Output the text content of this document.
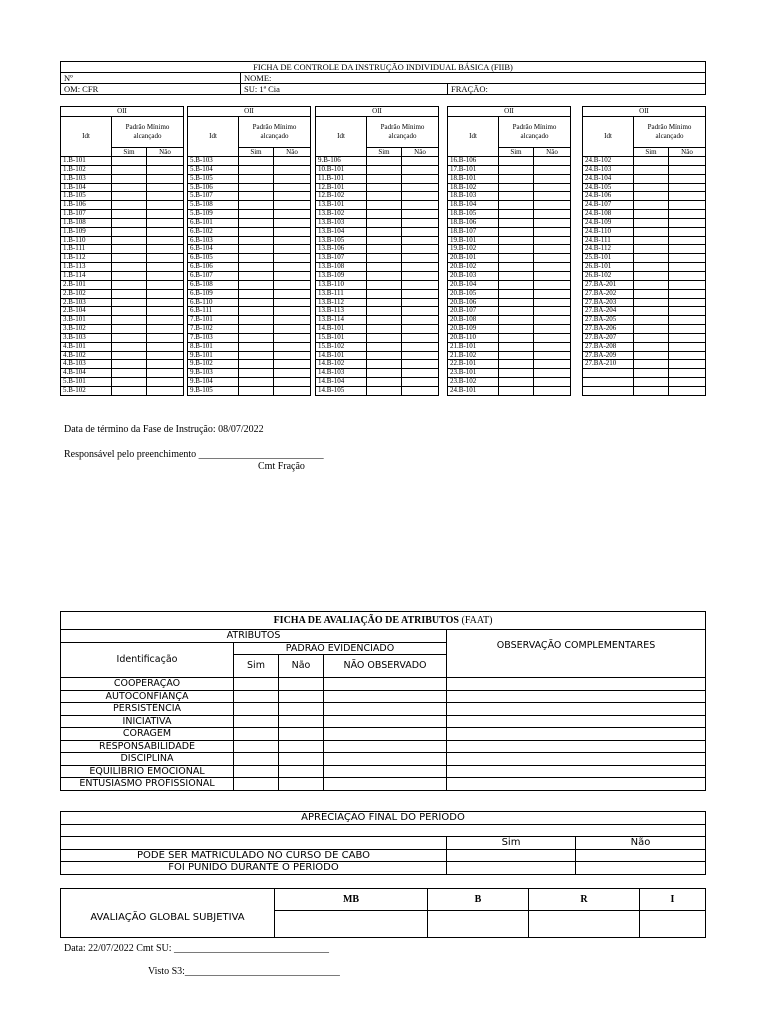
FICHA DE CONTROLE DA INSTRUÇÃO INDIVIDUAL BÁSICA (FIIB)		
Nº	NOME:	
OM: CFR	SU: 1ª Cia	FRAÇÃO:
OII		
Idt	Padrão Mínimo alcançado	
	Sim	Não
1.B-101		
1.B-102		
1.B-103		
1.B-104		
1.B-105		
1.B-106		
1.B-107		
1.B-108		
1.B-109		
1.B-110		
1.B-111		
1.B-112		
1.B-113		
1.B-114		
2.B-101		
2.B-102		
2.B-103		
2.B-104		
3.B-101		
3.B-102		
3.B-103		
4.B-101		
4.B-102		
4.B-103		
4.B-104		
5.B-101		
5.B-102		
OII		
Idt	Padrão Mínimo alcançado	
	Sim	Não
5.B-103		
5.B-104		
5.B-105		
5.B-106		
5.B-107		
5.B-108		
5.B-109		
6.B-101		
6.B-102		
6.B-103		
6.B-104		
6.B-105		
6.B-106		
6.B-107		
6.B-108		
6.B-109		
6.B-110		
6.B-111		
7.B-101		
7.B-102		
7.B-103		
8.B-101		
9.B-101		
9.B-102		
9.B-103		
9.B-104		
9.B-105		
OII		
Idt	Padrão Mínimo alcançado	
	Sim	Não
9.B-106		
10.B-101		
11.B-101		
12.B-101		
12.B-102		
13.B-101		
13.B-102		
13.B-103		
13.B-104		
13.B-105		
13.B-106		
13.B-107		
13.B-108		
13.B-109		
13.B-110		
13.B-111		
13.B-112		
13.B-113		
13.B-114		
14.B-101		
15.B-101		
15.B-102		
14.B-101		
14.B-102		
14.B-103		
14.B-104		
14.B-105		
OII		
Idt	Padrão Mínimo alcançado	
	Sim	Não
16.B-106		
17.B-101		
18.B-101		
18.B-102		
18.B-103		
18.B-104		
18.B-105		
18.B-106		
18.B-107		
19.B-101		
19.B-102		
20.B-101		
20.B-102		
20.B-103		
20.B-104		
20.B-105		
20.B-106		
20.B-107		
20.B-108		
20.B-109		
20.B-110		
21.B-101		
21.B-102		
22.B-101		
23.B-101		
23.B-102		
24.B-101		
OII		
Idt	Padrão Mínimo alcançado	
	Sim	Não
24.B-102		
24.B-103		
24.B-104		
24.B-105		
24.B-106		
24.B-107		
24.B-108		
24.B-109		
24.B-110		
24.B-111		
24.B-112		
25.B-101		
26.B-101		
26.B-102		
27.BA-201		
27.BA-202		
27.BA-203		
27.BA-204		
27.BA-205		
27.BA-206		
27.BA-207		
27.BA-208		
27.BA-209		
27.BA-210		

Data de término da Fase de Instrução: 08/07/2022
Responsável pelo preenchimento _________________________
Cmt Fração
FICHA DE AVALIAÇÃO DE ATRIBUTOS (FAAT)				
ATRIBUTOS				OBSERVAÇÃO COMPLEMENTARES
Identificação	PADRÃO EVIDENCIADO			
	Sim	Não	NÃO OBSERVADO	
COOPERAÇÃO				
AUTOCONFIANÇA				
PERSISTÊNCIA				
INICIATIVA				
CORAGEM				
RESPONSABILIDADE				
DISCIPLINA				
EQUILÍBRIO EMOCIONAL				
ENTUSIASMO PROFISSIONAL				
APRECIAÇÃO FINAL DO PERÍODO		

	Sim	Não
PODE SER MATRICULADO NO CURSO DE CABO		
FOI PUNIDO DURANTE O PERÍODO		
AVALIAÇÃO GLOBAL SUBJETIVA	MB	B	R	I

Data: 22/07/2022 Cmt SU: _______________________________
Visto S3:_______________________________
